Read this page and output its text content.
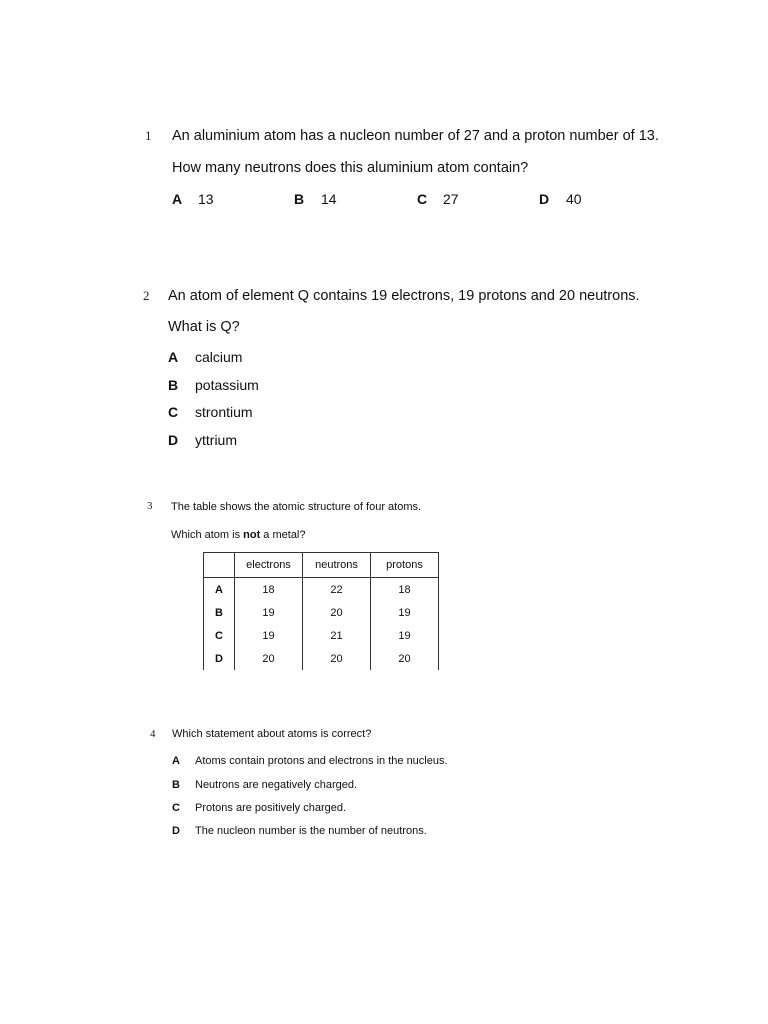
1 An aluminium atom has a nucleon number of 27 and a proton number of 13.
How many neutrons does this aluminium atom contain?
A 13	B 14	C 27	D 40
2 An atom of element Q contains 19 electrons, 19 protons and 20 neutrons.
What is Q?
A calcium
B potassium
C strontium
D yttrium
3 The table shows the atomic structure of four atoms.
Which atom is not a metal?
	electrons	neutrons	protons
A	18	22	18
B	19	20	19
C	19	21	19
D	20	20	20
4 Which statement about atoms is correct?
A Atoms contain protons and electrons in the nucleus.
B Neutrons are negatively charged.
C Protons are positively charged.
D The nucleon number is the number of neutrons.
